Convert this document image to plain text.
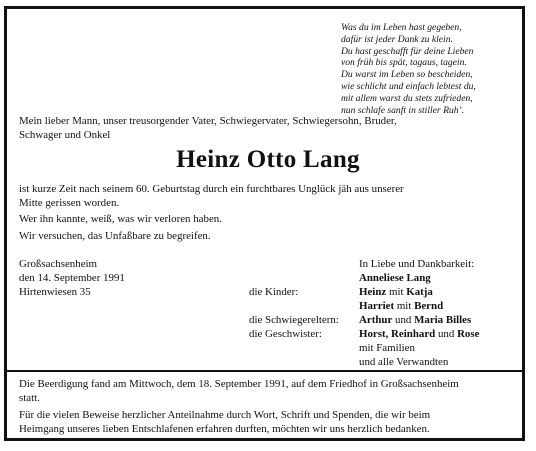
Was du im Leben hast gegeben,
dafür ist jeder Dank zu klein.
Du hast geschafft für deine Lieben
von früh bis spät, tagaus, tagein.
Du warst im Leben so bescheiden,
wie schlicht und einfach lebtest du,
mit allem warst du stets zufrieden,
nun schlafe sanft in stiller Ruh’.
Mein lieber Mann, unser treusorgender Vater, Schwiegervater, Schwiegersohn, Bruder,
Schwager und Onkel
Heinz Otto Lang
ist kurze Zeit nach seinem 60. Geburtstag durch ein furchtbares Unglück jäh aus unserer
Mitte gerissen worden.
Wer ihn kannte, weiß, was wir verloren haben.
Wir versuchen, das Unfaßbare zu begreifen.
Großsachsenheim
den 14. September 1991
Hirtenwiesen 35
In Liebe und Dankbarkeit:
Anneliese Lang
die Kinder:	Heinz mit Katja
Harriet mit Bernd
die Schwiegereltern: Arthur und Maria Billes
die Geschwister:	Horst, Reinhard und Rose
mit Familien
und alle Verwandten
Die Beerdigung fand am Mittwoch, dem 18. September 1991, auf dem Friedhof in Großsachsenheim
statt.
Für die vielen Beweise herzlicher Anteilnahme durch Wort, Schrift und Spenden, die wir beim
Heimgang unseres lieben Entschlafenen erfahren durften, möchten wir uns herzlich bedanken.
